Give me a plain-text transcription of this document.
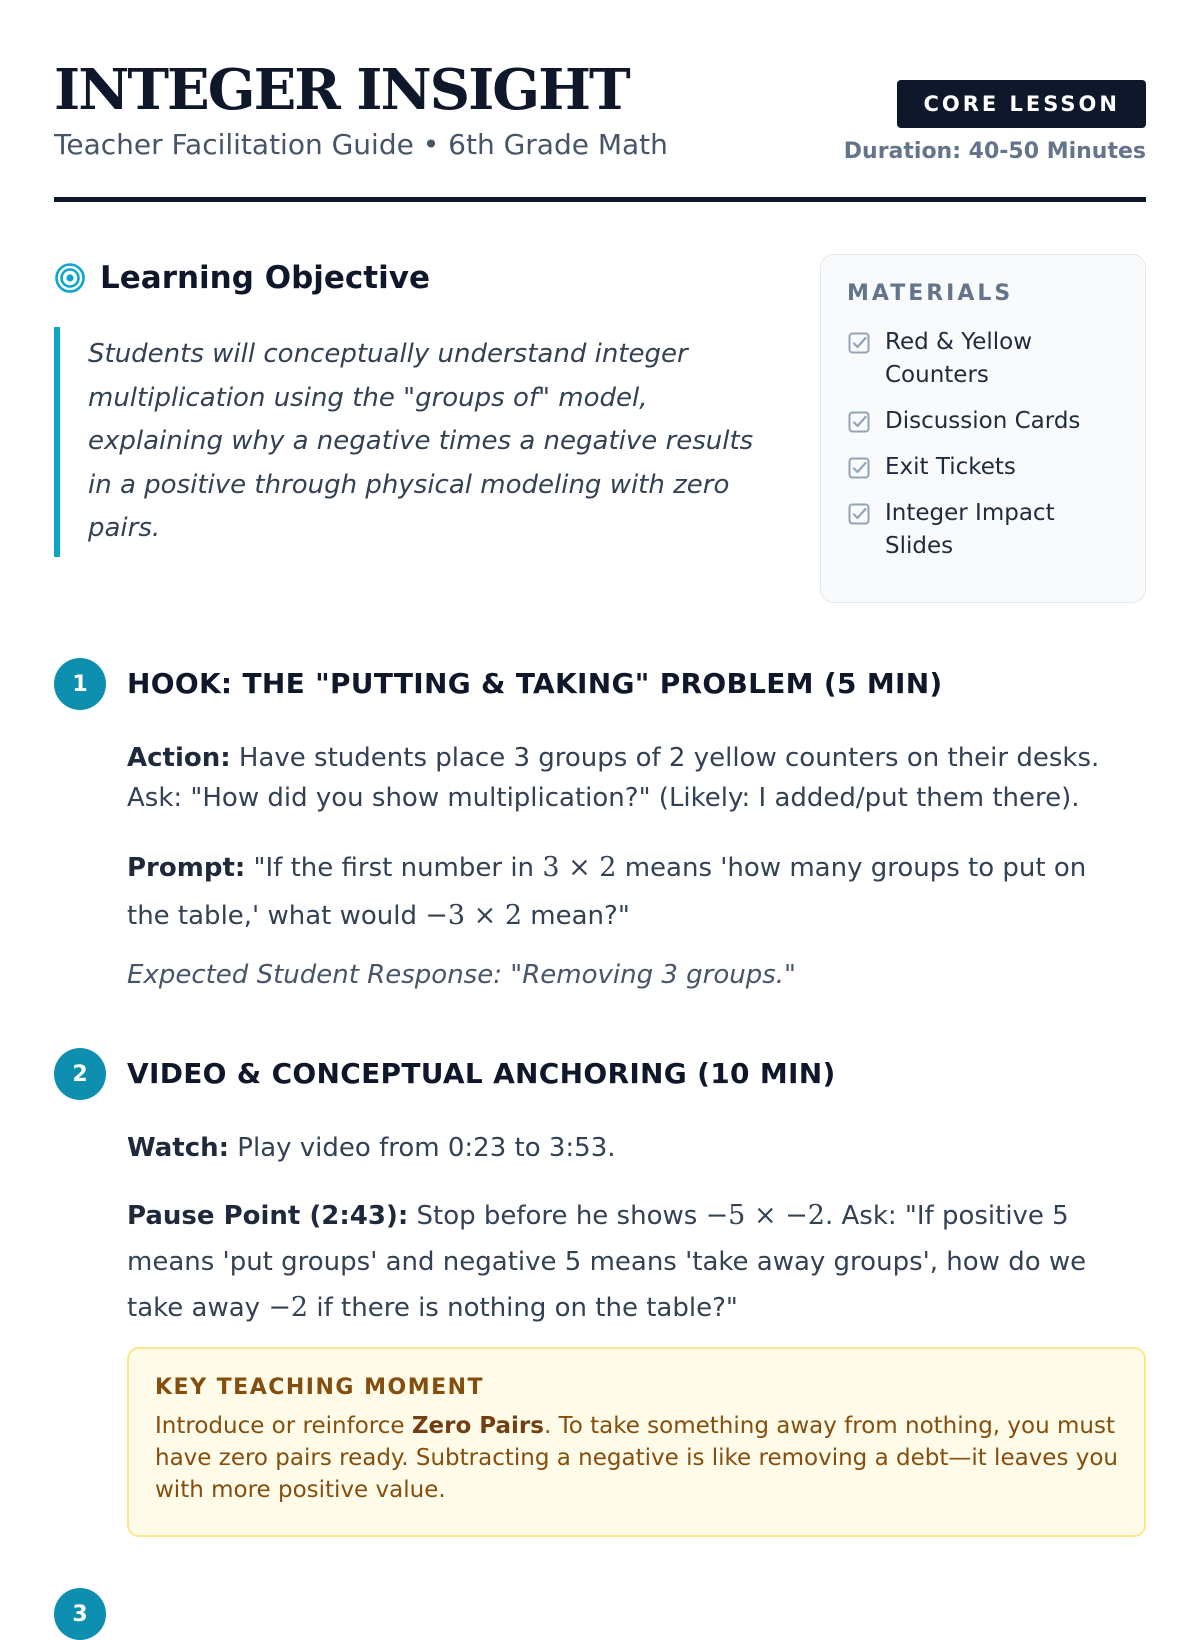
INTEGER INSIGHT
Teacher Facilitation Guide • 6th Grade Math
CORE LESSON
Duration: 40-50 Minutes
Learning Objective
Students will conceptually understand integer multiplication using the "groups of" model, explaining why a negative times a negative results in a positive through physical modeling with zero pairs.
MATERIALS
Red & Yellow Counters
Discussion Cards
Exit Tickets
Integer Impact Slides
1	HOOK: THE "PUTTING & TAKING" PROBLEM (5 MIN)
Action: Have students place 3 groups of 2 yellow counters on their desks. Ask: "How did you show multiplication?" (Likely: I added/put them there).
Prompt: "If the first number in 3 × 2 means 'how many groups to put on the table,' what would −3 × 2 mean?"
Expected Student Response: "Removing 3 groups."
2	VIDEO & CONCEPTUAL ANCHORING (10 MIN)
Watch: Play video from 0:23 to 3:53.
Pause Point (2:43): Stop before he shows −5 × −2. Ask: "If positive 5 means 'put groups' and negative 5 means 'take away groups', how do we take away −2 if there is nothing on the table?"
KEY TEACHING MOMENT
Introduce or reinforce Zero Pairs. To take something away from nothing, you must have zero pairs ready. Subtracting a negative is like removing a debt—it leaves you with more positive value.
3
